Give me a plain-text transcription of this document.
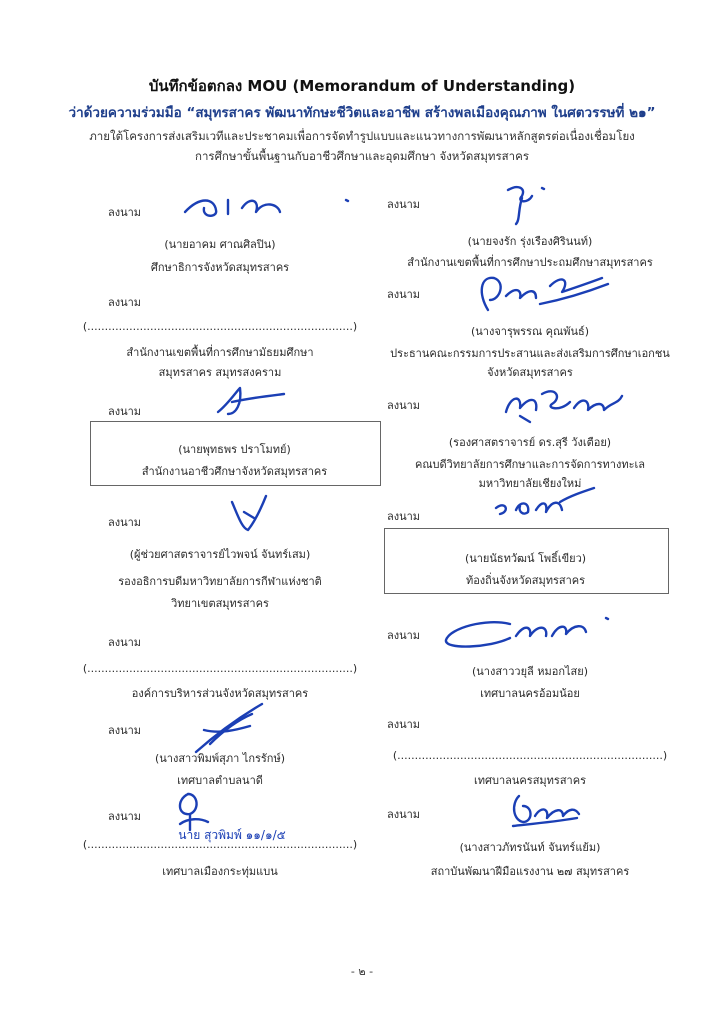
บันทึกข้อตกลง MOU (Memorandum of Understanding)
ว่าด้วยความร่วมมือ “สมุทรสาคร พัฒนาทักษะชีวิตและอาชีพ สร้างพลเมืองคุณภาพ ในศตวรรษที่ ๒๑”
ภายใต้โครงการส่งเสริมเวทีและประชาคมเพื่อการจัดทำรูปแบบและแนวทางการพัฒนาหลักสูตรต่อเนื่องเชื่อมโยง
การศึกษาขั้นพื้นฐานกับอาชีวศึกษาและอุดมศึกษา จังหวัดสมุทรสาคร
ลงนาม
(นายอาคม ศาณศิลปิน)
ศึกษาธิการจังหวัดสมุทรสาคร
ลงนาม
(............................................................................)
สำนักงานเขตพื้นที่การศึกษามัธยมศึกษา
สมุทรสาคร สมุทรสงคราม
ลงนาม
(นายพุทธพร ปราโมทย์)
สำนักงานอาชีวศึกษาจังหวัดสมุทรสาคร
ลงนาม
(ผู้ช่วยศาสตราจารย์ไวพจน์ จันทร์เสม)
รองอธิการบดีมหาวิทยาลัยการกีฬาแห่งชาติ
วิทยาเขตสมุทรสาคร
ลงนาม
(............................................................................)
องค์การบริหารส่วนจังหวัดสมุทรสาคร
ลงนาม
(นางสาวพิมพ์สุภา ไกรรักษ์)
เทศบาลตำบลนาดี
ลงนาม
(............................................................................)
นาย สุวพิมพ์ ๑๑/๑/๕
เทศบาลเมืองกระทุ่มแบน
ลงนาม
(นายจงรัก รุ่งเรืองศิรินนท์)
สำนักงานเขตพื้นที่การศึกษาประถมศึกษาสมุทรสาคร
ลงนาม
(นางจารุพรรณ คุณพันธ์)
ประธานคณะกรรมการประสานและส่งเสริมการศึกษาเอกชน
จังหวัดสมุทรสาคร
ลงนาม
(รองศาสตราจารย์ ดร.สุรี วังเตือย)
คณบดีวิทยาลัยการศึกษาและการจัดการทางทะเล
มหาวิทยาลัยเชียงใหม่
ลงนาม
(นายนัธทวัฒน์ โพธิ์เขียว)
ท้องถิ่นจังหวัดสมุทรสาคร
ลงนาม
(นางสาววยุลี หมอกไสย)
เทศบาลนครอ้อมน้อย
ลงนาม
(............................................................................)
เทศบาลนครสมุทรสาคร
ลงนาม
(นางสาวภัทรนันท์ จันทร์แย้ม)
สถาบันพัฒนาฝีมือแรงงาน ๒๗ สมุทรสาคร
- ๒ -
